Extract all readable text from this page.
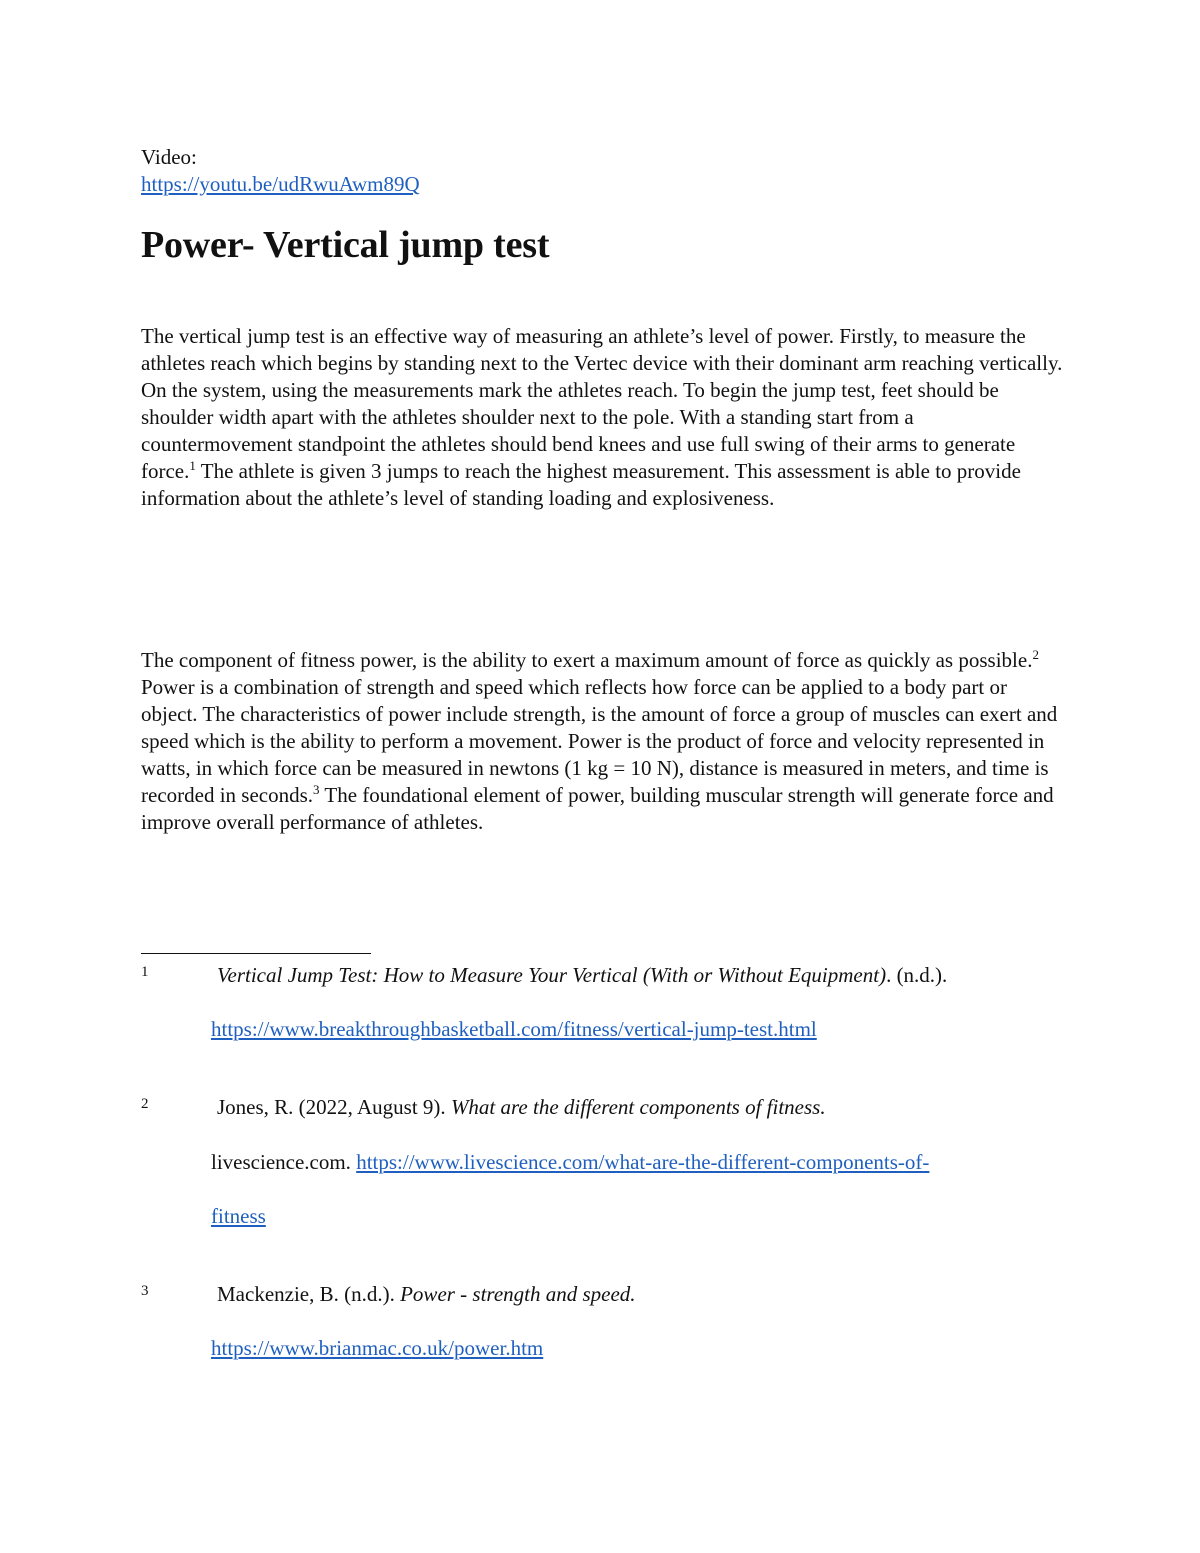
Video:
https://youtu.be/udRwuAwm89Q
Power- Vertical jump test
The vertical jump test is an effective way of measuring an athlete’s level of power. Firstly, to measure the athletes reach which begins by standing next to the Vertec device with their dominant arm reaching vertically. On the system, using the measurements mark the athletes reach. To begin the jump test, feet should be shoulder width apart with the athletes shoulder next to the pole. With a standing start from a countermovement standpoint the athletes should bend knees and use full swing of their arms to generate force.$^1$ The athlete is given 3 jumps to reach the highest measurement. This assessment is able to provide information about the athlete’s level of standing loading and explosiveness.
The component of fitness power, is the ability to exert a maximum amount of force as quickly as possible.$^2$ Power is a combination of strength and speed which reflects how force can be applied to a body part or object. The characteristics of power include strength, is the amount of force a group of muscles can exert and speed which is the ability to perform a movement. Power is the product of force and velocity represented in watts, in which force can be measured in newtons (1 kg = 10 N), distance is measured in meters, and time is recorded in seconds.$^3$ The foundational element of power, building muscular strength will generate force and improve overall performance of athletes.
1	Vertical Jump Test: How to Measure Your Vertical (With or Without Equipment). (n.d.).
https://www.breakthroughbasketball.com/fitness/vertical-jump-test.html
2	Jones, R. (2022, August 9). What are the different components of fitness.
livescience.com. https://www.livescience.com/what-are-the-different-components-of-
fitness
3	Mackenzie, B. (n.d.). Power - strength and speed.
https://www.brianmac.co.uk/power.htm
